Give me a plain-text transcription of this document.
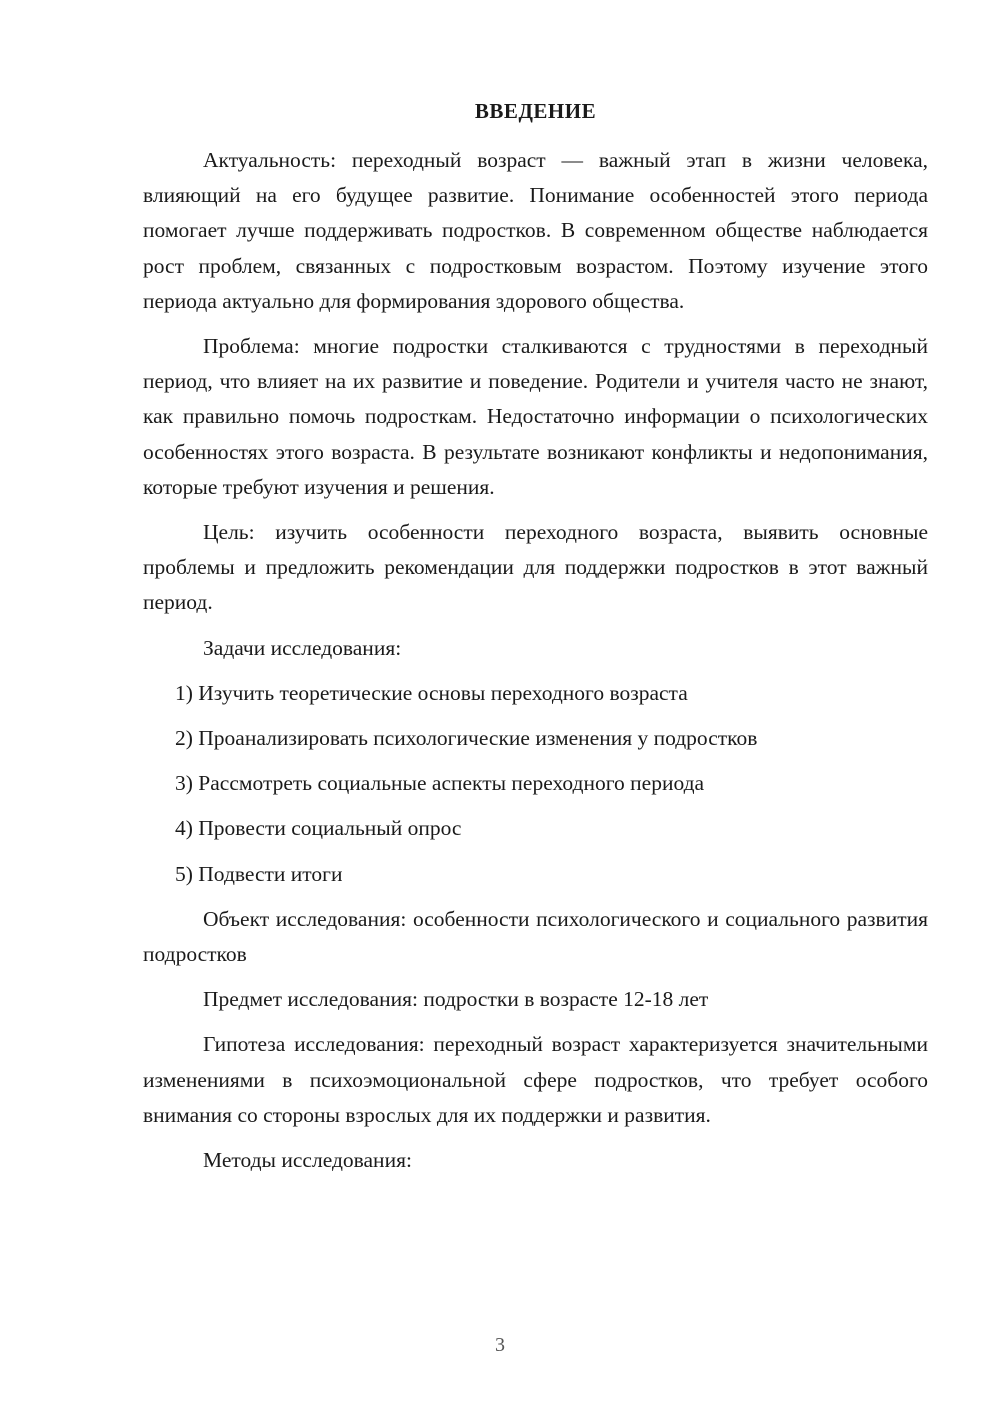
ВВЕДЕНИЕ

Актуальность: переходный возраст — важный этап в жизни человека, влияющий на его будущее развитие. Понимание особенностей этого периода помогает лучше поддерживать подростков. В современном обществе наблюдается рост проблем, связанных с подростковым возрастом. Поэтому изучение этого периода актуально для формирования здорового общества.

Проблема: многие подростки сталкиваются с трудностями в переходный период, что влияет на их развитие и поведение. Родители и учителя часто не знают, как правильно помочь подросткам. Недостаточно информации о психологических особенностях этого возраста. В результате возникают конфликты и недопонимания, которые требуют изучения и решения.

Цель: изучить особенности переходного возраста, выявить основные проблемы и предложить рекомендации для поддержки подростков в этот важный период.

Задачи исследования:

1) Изучить теоретические основы переходного возраста

2) Проанализировать психологические изменения у подростков

3) Рассмотреть социальные аспекты переходного периода

4) Провести социальный опрос

5) Подвести итоги

Объект исследования: особенности психологического и социального развития подростков

Предмет исследования: подростки в возрасте 12-18 лет

Гипотеза исследования: переходный возраст характеризуется значительными изменениями в психоэмоциональной сфере подростков, что требует особого внимания со стороны взрослых для их поддержки и развития.

Методы исследования:

3
